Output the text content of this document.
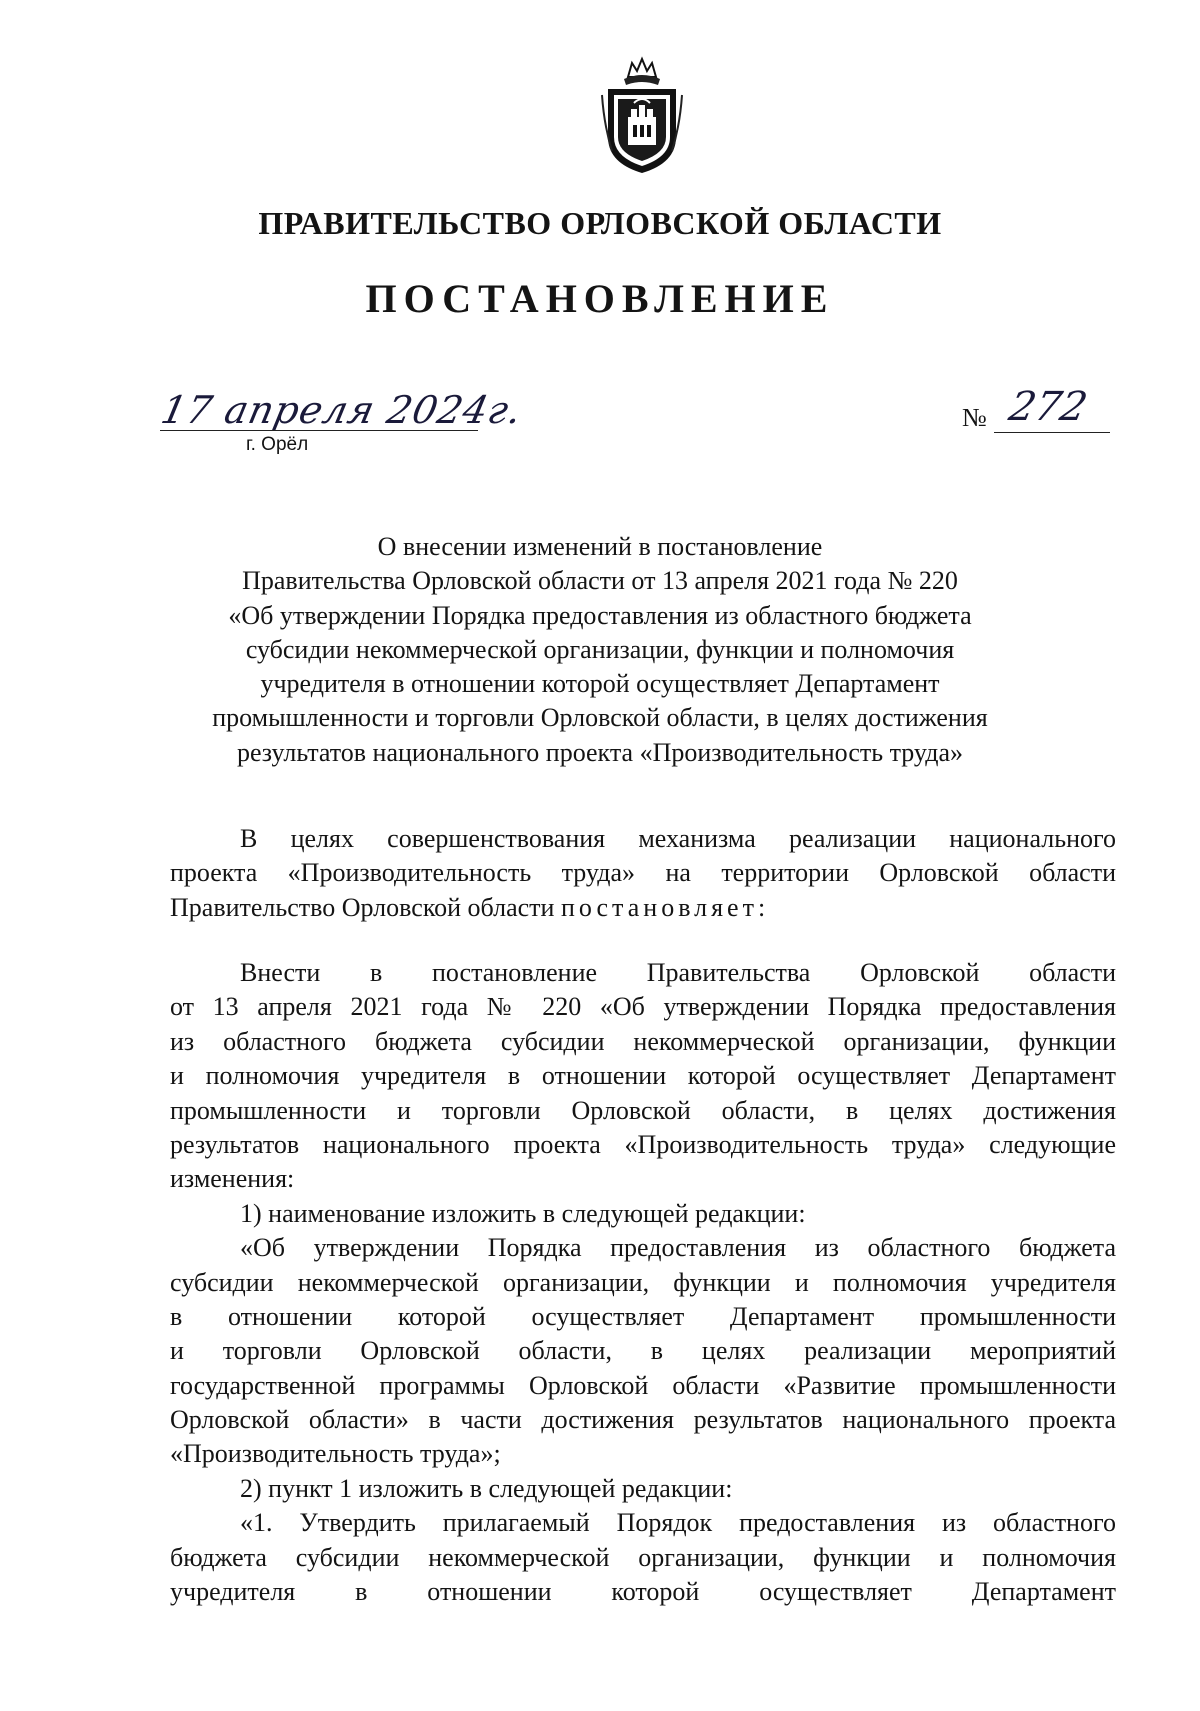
ПРАВИТЕЛЬСТВО ОРЛОВСКОЙ ОБЛАСТИ
ПОСТАНОВЛЕНИЕ
17 апреля 2024г.
г. Орёл
№ 272
О внесении изменений в постановление
Правительства Орловской области от 13 апреля 2021 года № 220
«Об утверждении Порядка предоставления из областного бюджета
субсидии некоммерческой организации, функции и полномочия
учредителя в отношении которой осуществляет Департамент
промышленности и торговли Орловской области, в целях достижения
результатов национального проекта «Производительность труда»
В целях совершенствования механизма реализации национального
проекта «Производительность труда» на территории Орловской области
Правительство Орловской области постановляет:
Внести в постановление Правительства Орловской области
от 13 апреля 2021 года № 220 «Об утверждении Порядка предоставления
из областного бюджета субсидии некоммерческой организации, функции
и полномочия учредителя в отношении которой осуществляет Департамент
промышленности и торговли Орловской области, в целях достижения
результатов национального проекта «Производительность труда» следующие
изменения:
1) наименование изложить в следующей редакции:
«Об утверждении Порядка предоставления из областного бюджета
субсидии некоммерческой организации, функции и полномочия учредителя
в отношении которой осуществляет Департамент промышленности
и торговли Орловской области, в целях реализации мероприятий
государственной программы Орловской области «Развитие промышленности
Орловской области» в части достижения результатов национального проекта
«Производительность труда»;
2) пункт 1 изложить в следующей редакции:
«1. Утвердить прилагаемый Порядок предоставления из областного
бюджета субсидии некоммерческой организации, функции и полномочия
учредителя в отношении которой осуществляет Департамент
